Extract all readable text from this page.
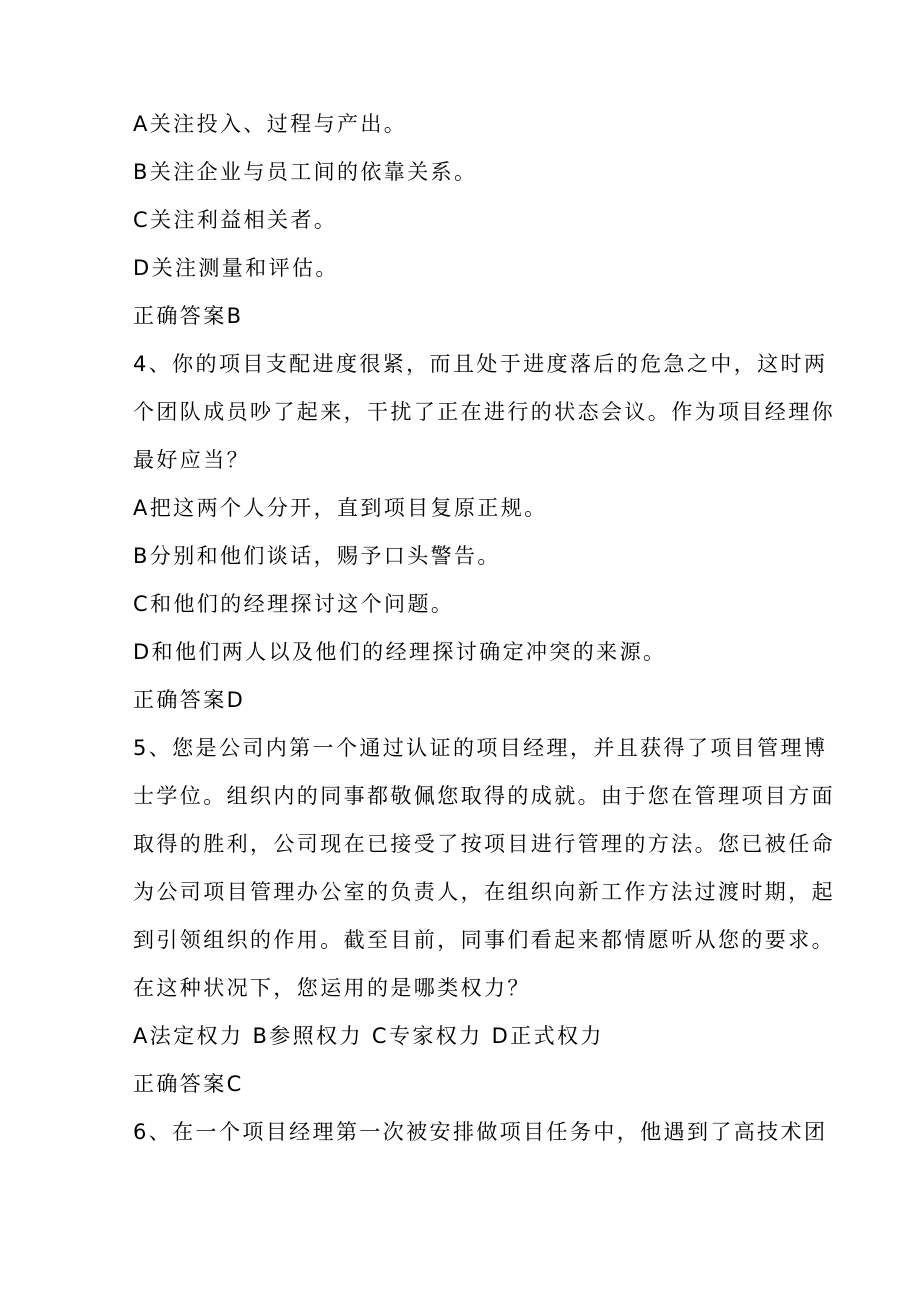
A关注投入、过程与产出。
B关注企业与员工间的依靠关系。
C关注利益相关者。
D关注测量和评估。
正确答案B
4、你的项目支配进度很紧，而且处于进度落后的危急之中，这时两
个团队成员吵了起来，干扰了正在进行的状态会议。作为项目经理你
最好应当？
A把这两个人分开，直到项目复原正规。
B分别和他们谈话，赐予口头警告。
C和他们的经理探讨这个问题。
D和他们两人以及他们的经理探讨确定冲突的来源。
正确答案D
5、您是公司内第一个通过认证的项目经理，并且获得了项目管理博
士学位。组织内的同事都敬佩您取得的成就。由于您在管理项目方面
取得的胜利，公司现在已接受了按项目进行管理的方法。您已被任命
为公司项目管理办公室的负责人，在组织向新工作方法过渡时期，起
到引领组织的作用。截至目前，同事们看起来都情愿听从您的要求。
在这种状况下，您运用的是哪类权力？
A法定权力 B参照权力 C专家权力 D正式权力
正确答案C
6、在一个项目经理第一次被安排做项目任务中，他遇到了高技术团
